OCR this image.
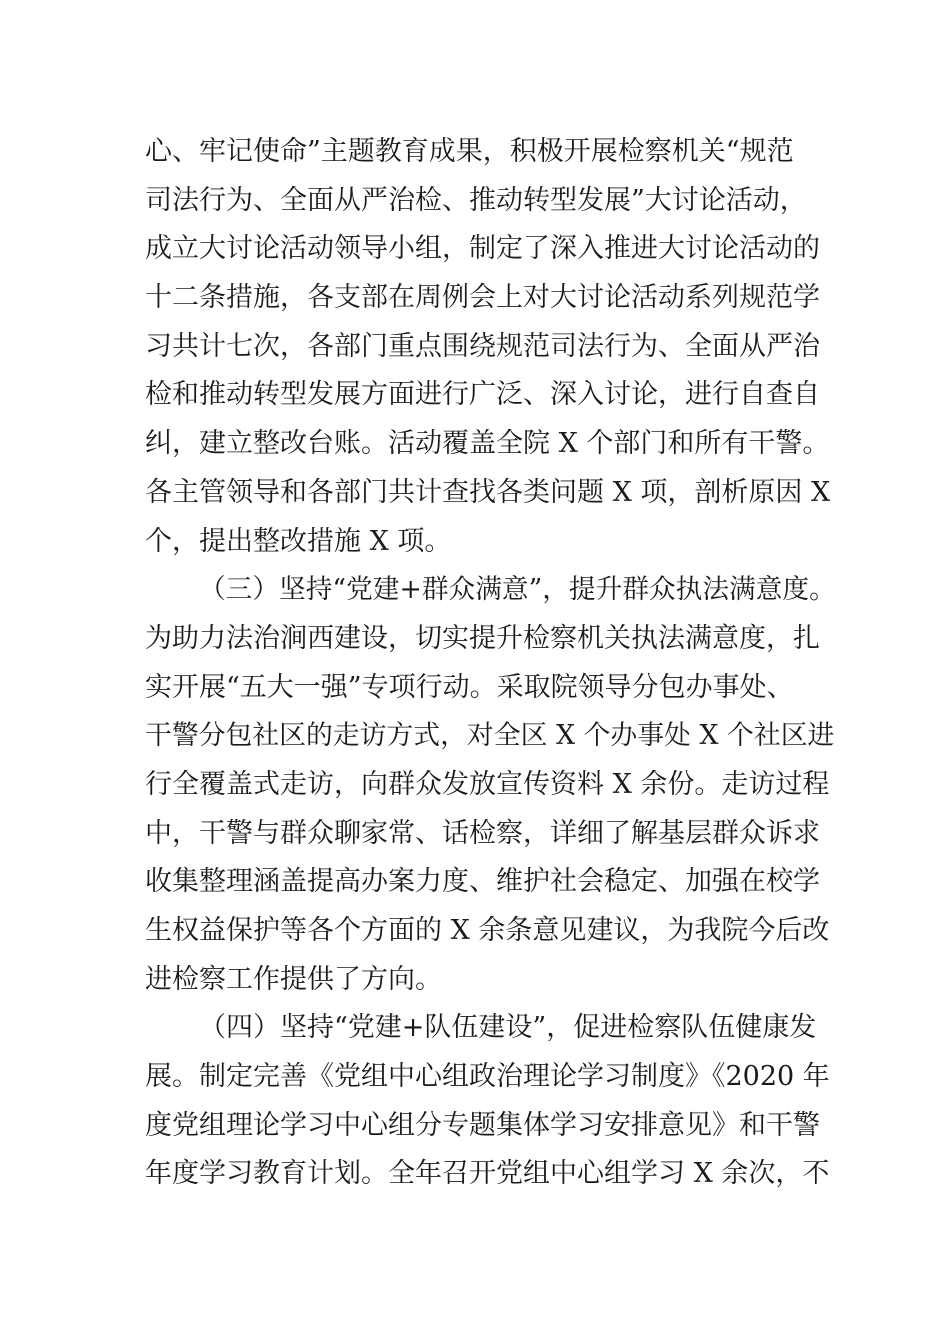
心、牢记使命”主题教育成果，积极开展检察机关“规范
司法行为、全面从严治检、推动转型发展”大讨论活动，
成立大讨论活动领导小组，制定了深入推进大讨论活动的
十二条措施，各支部在周例会上对大讨论活动系列规范学
习共计七次，各部门重点围绕规范司法行为、全面从严治
检和推动转型发展方面进行广泛、深入讨论，进行自查自
纠，建立整改台账。活动覆盖全院 X 个部门和所有干警。
各主管领导和各部门共计查找各类问题 X 项，剖析原因 X
个，提出整改措施 X 项。
（三）坚持“党建+群众满意”，提升群众执法满意度。
为助力法治涧西建设，切实提升检察机关执法满意度，扎
实开展“五大一强”专项行动。采取院领导分包办事处、
干警分包社区的走访方式，对全区 X 个办事处 X 个社区进
行全覆盖式走访，向群众发放宣传资料 X 余份。走访过程
中，干警与群众聊家常、话检察，详细了解基层群众诉求
收集整理涵盖提高办案力度、维护社会稳定、加强在校学
生权益保护等各个方面的 X 余条意见建议，为我院今后改
进检察工作提供了方向。
（四）坚持“党建+队伍建设”，促进检察队伍健康发
展。制定完善《党组中心组政治理论学习制度》《2020 年
度党组理论学习中心组分专题集体学习安排意见》和干警
年度学习教育计划。全年召开党组中心组学习 X 余次，不
